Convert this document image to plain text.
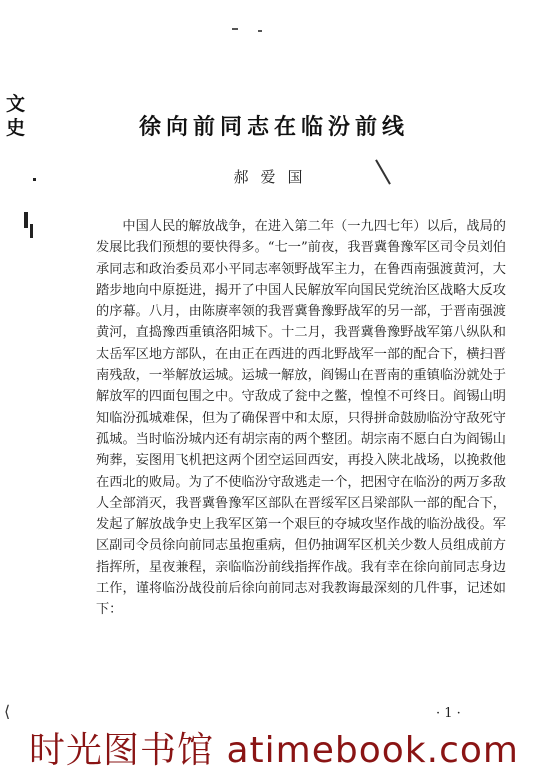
文
史	徐向前同志在临汾前线
郝爱国

中国人民的解放战争，在进入第二年（一九四七年）以后，战局的发展比我们预想的要快得多。“七一”前夜，我晋冀鲁豫军区司令员刘伯承同志和政治委员邓小平同志率领野战军主力，在鲁西南强渡黄河，大踏步地向中原挺进，揭开了中国人民解放军向国民党统治区战略大反攻的序幕。八月，由陈赓率领的我晋冀鲁豫野战军的另一部，于晋南强渡黄河，直捣豫西重镇洛阳城下。十二月，我晋冀鲁豫野战军第八纵队和太岳军区地方部队，在由正在西进的西北野战军一部的配合下，横扫晋南残敌，一举解放运城。运城一解放，阎锡山在晋南的重镇临汾就处于解放军的四面包围之中。守敌成了瓮中之鳖，惶惶不可终日。阎锡山明知临汾孤城难保，但为了确保晋中和太原，只得拼命鼓励临汾守敌死守孤城。当时临汾城内还有胡宗南的两个整团。胡宗南不愿白白为阎锡山殉葬，妄图用飞机把这两个团空运回西安，再投入陕北战场，以挽救他在西北的败局。为了不使临汾守敌逃走一个，把困守在临汾的两万多敌人全部消灭，我晋冀鲁豫军区部队在晋绥军区吕梁部队一部的配合下，发起了解放战争史上我军区第一个艰巨的夺城攻坚作战的临汾战役。军区副司令员徐向前同志虽抱重病，但仍抽调军区机关少数人员组成前方指挥所，星夜兼程，亲临临汾前线指挥作战。我有幸在徐向前同志身边工作，谨将临汾战役前后徐向前同志对我教诲最深刻的几件事，记述如下：

⟨	· 1 ·
时光图书馆 atimebook.com
